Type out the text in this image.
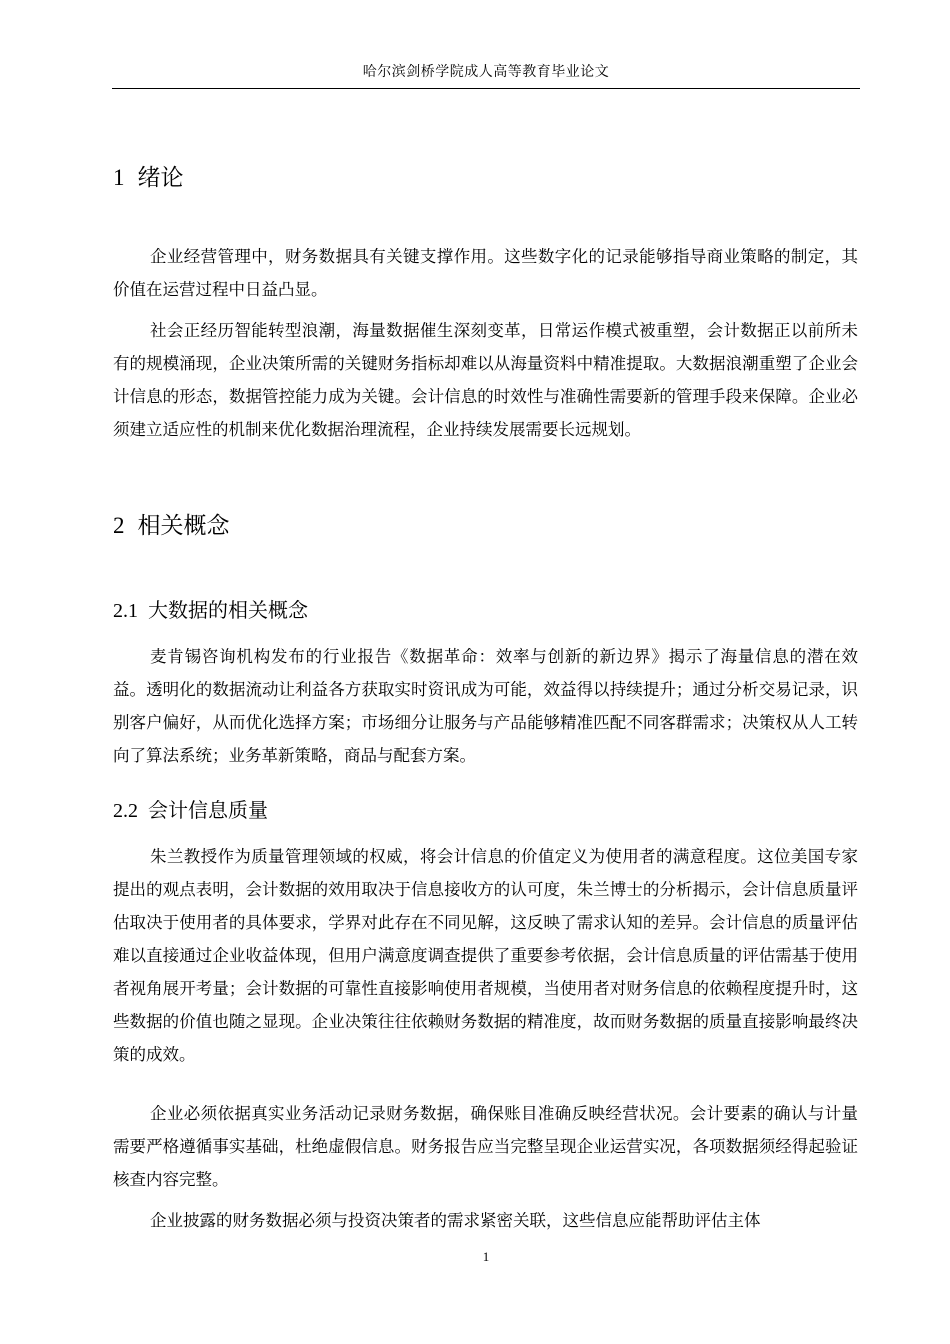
哈尔滨剑桥学院成人高等教育毕业论文
1 绪论

企业经营管理中，财务数据具有关键支撑作用。这些数字化的记录能够指导商业策略的制定，其价值在运营过程中日益凸显。

社会正经历智能转型浪潮，海量数据催生深刻变革，日常运作模式被重塑，会计数据正以前所未有的规模涌现，企业决策所需的关键财务指标却难以从海量资料中精准提取。大数据浪潮重塑了企业会计信息的形态，数据管控能力成为关键。会计信息的时效性与准确性需要新的管理手段来保障。企业必须建立适应性的机制来优化数据治理流程，企业持续发展需要长远规划。

2 相关概念
2.1 大数据的相关概念

麦肯锡咨询机构发布的行业报告《数据革命：效率与创新的新边界》揭示了海量信息的潜在效益。透明化的数据流动让利益各方获取实时资讯成为可能，效益得以持续提升；通过分析交易记录，识别客户偏好，从而优化选择方案；市场细分让服务与产品能够精准匹配不同客群需求；决策权从人工转向了算法系统；业务革新策略，商品与配套方案。

2.2 会计信息质量

朱兰教授作为质量管理领域的权威，将会计信息的价值定义为使用者的满意程度。这位美国专家提出的观点表明，会计数据的效用取决于信息接收方的认可度，朱兰博士的分析揭示，会计信息质量评估取决于使用者的具体要求，学界对此存在不同见解，这反映了需求认知的差异。会计信息的质量评估难以直接通过企业收益体现，但用户满意度调查提供了重要参考依据，会计信息质量的评估需基于使用者视角展开考量；会计数据的可靠性直接影响使用者规模，当使用者对财务信息的依赖程度提升时，这些数据的价值也随之显现。企业决策往往依赖财务数据的精准度，故而财务数据的质量直接影响最终决策的成效。

企业必须依据真实业务活动记录财务数据，确保账目准确反映经营状况。会计要素的确认与计量需要严格遵循事实基础，杜绝虚假信息。财务报告应当完整呈现企业运营实况，各项数据须经得起验证核查内容完整。

企业披露的财务数据必须与投资决策者的需求紧密关联，这些信息应能帮助评估主体

1
